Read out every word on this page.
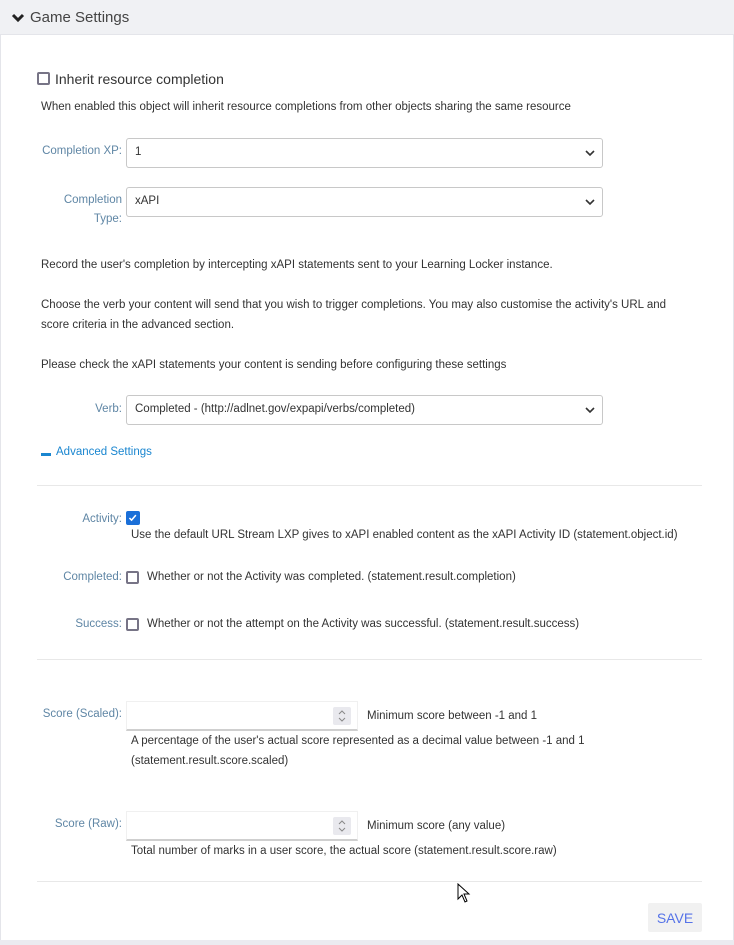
Game Settings
Inherit resource completion
When enabled this object will inherit resource completions from other objects sharing the same resource
Completion XP:	1
Completion
Type:
xAPI
Record the user's completion by intercepting xAPI statements sent to your Learning Locker instance.
Choose the verb your content will send that you wish to trigger completions. You may also customise the activity's URL and
score criteria in the advanced section.
Please check the xAPI statements your content is sending before configuring these settings
Verb:	Completed - (http://adlnet.gov/expapi/verbs/completed)
Advanced Settings
Activity:
Use the default URL Stream LXP gives to xAPI enabled content as the xAPI Activity ID (statement.object.id)
Completed: Whether or not the Activity was completed. (statement.result.completion)
Success: Whether or not the attempt on the Activity was successful. (statement.result.success)
Score (Scaled):	Minimum score between -1 and 1
A percentage of the user's actual score represented as a decimal value between -1 and 1
(statement.result.score.scaled)
Score (Raw):	Minimum score (any value)
Total number of marks in a user score, the actual score (statement.result.score.raw)
SAVE
